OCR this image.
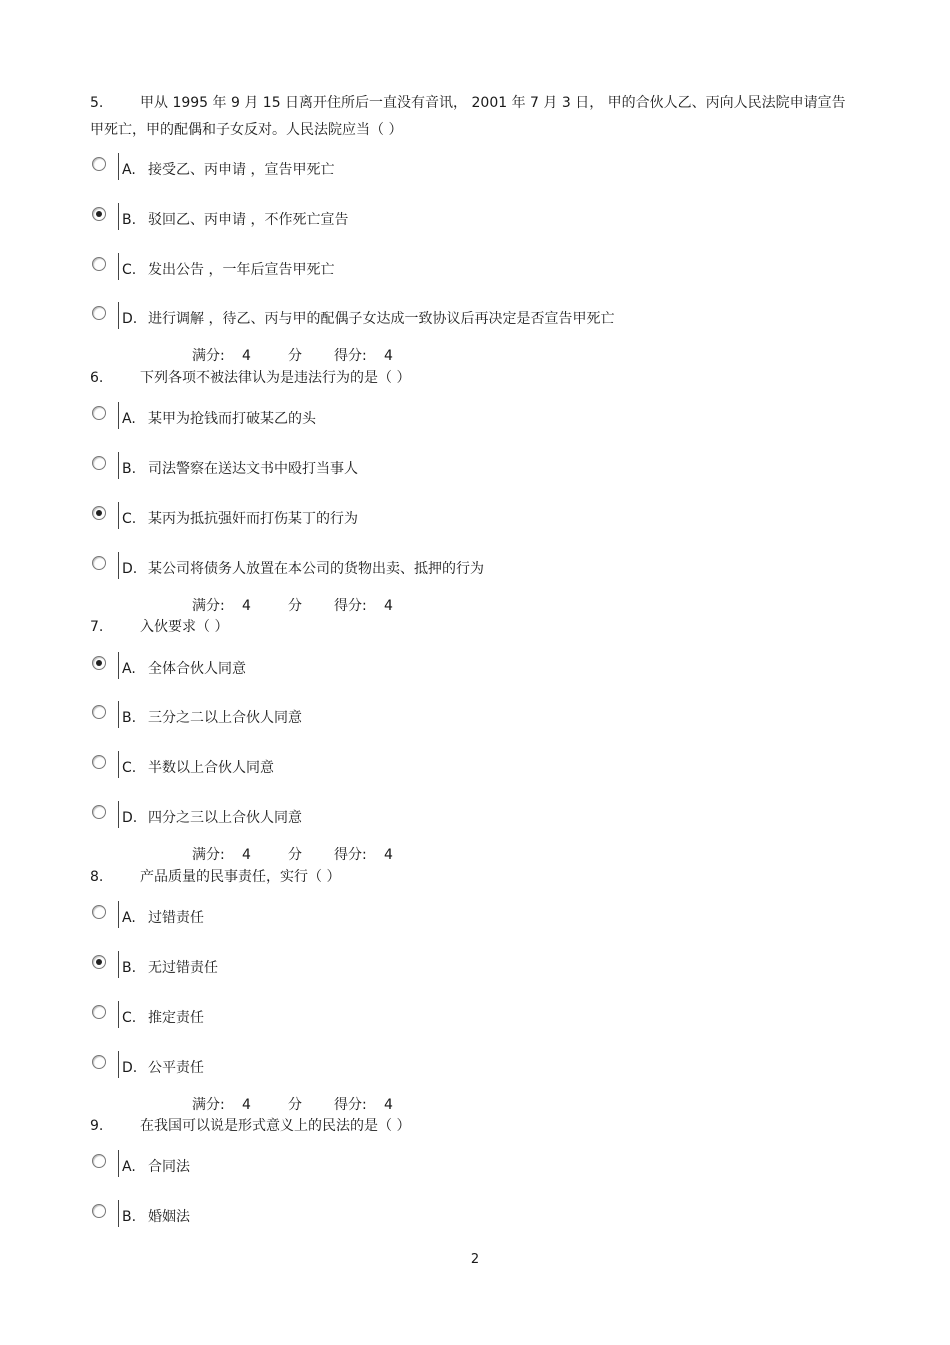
5.	甲从 1995 年 9 月 15 日离开住所后一直没有音讯， 2001 年 7 月 3 日， 甲的合伙人乙、丙向人民法院申请宣告甲死亡，甲的配偶和子女反对。人民法院应当（ ）
A. 接受乙、丙申请 ，宣告甲死亡
B. 驳回乙、丙申请 ，不作死亡宣告
C. 发出公告 ，一年后宣告甲死亡
D. 进行调解 ，待乙、丙与甲的配偶子女达成一致协议后再决定是否宣告甲死亡
满分: 4	分 得分: 4
6.	下列各项不被法律认为是违法行为的是（ ）
A. 某甲为抢钱而打破某乙的头
B. 司法警察在送达文书中殴打当事人
C. 某丙为抵抗强奸而打伤某丁的行为
D. 某公司将债务人放置在本公司的货物出卖、抵押的行为
满分: 4	分 得分: 4
7.	入伙要求（ ）
A. 全体合伙人同意
B. 三分之二以上合伙人同意
C. 半数以上合伙人同意
D. 四分之三以上合伙人同意
满分: 4	分 得分: 4
8.	产品质量的民事责任，实行（ ）
A. 过错责任
B. 无过错责任
C. 推定责任
D. 公平责任
满分: 4	分 得分: 4
9.	在我国可以说是形式意义上的民法的是（ ）
A. 合同法
B. 婚姻法
2
